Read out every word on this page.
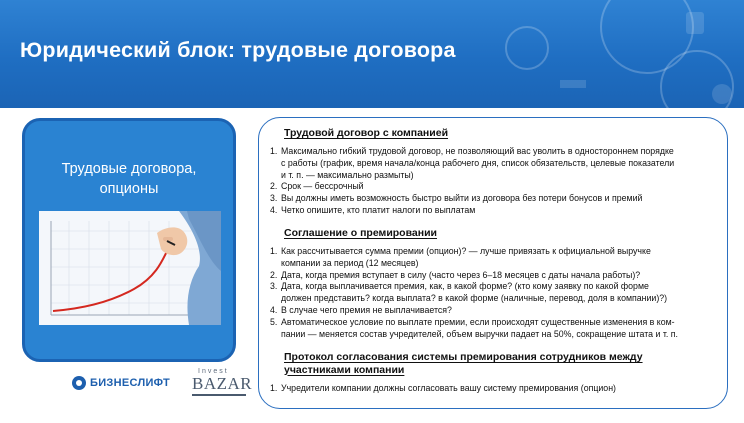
Юридический блок: трудовые договора
Трудовые договора,
опционы
Трудовой договор с компанией
1. Максимально гибкий трудовой договор, не позволяющий вас уволить в одностороннем порядке
с работы (график, время начала/конца рабочего дня, список обязательств, целевые показатели
и т. п. — максимально размыты)
2. Срок — бессрочный
3. Вы должны иметь возможность быстро выйти из договора без потери бонусов и премий
4. Четко опишите, кто платит налоги по выплатам
Соглашение о премировании
1. Как рассчитывается сумма премии (опцион)? — лучше привязать к официальной выручке
компании за период (12 месяцев)
2. Дата, когда премия вступает в силу (часто через 6–18 месяцев с даты начала работы)?
3. Дата, когда выплачивается премия, как, в какой форме? (кто кому заявку по какой форме
должен представить? когда выплата? в какой форме (наличные, перевод, доля в компании)?)
4. В случае чего премия не выплачивается?
5. Автоматическое условие по выплате премии, если происходят существенные изменения в ком-
пании — меняется состав учредителей, объем выручки падает на 50%, сокращение штата и т. п.
Протокол согласования системы премирования сотрудников между
участниками компании
1. Учредители компании должны согласовать вашу систему премирования (опцион)
БИЗНЕСЛИФТ
Invest
BAZAR
